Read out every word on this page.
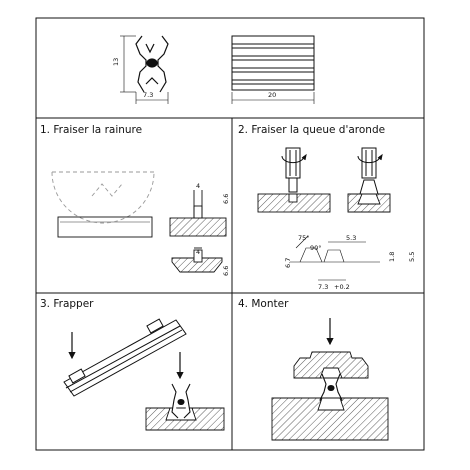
13
7.3	20
1. Fraiser la rainure
4
6.6
4
6.6
2. Fraiser la queue d'aronde
75°
90°
5.3
1.8 5.5
6.7
7.3 +0.2
3. Frapper	4. Monter
